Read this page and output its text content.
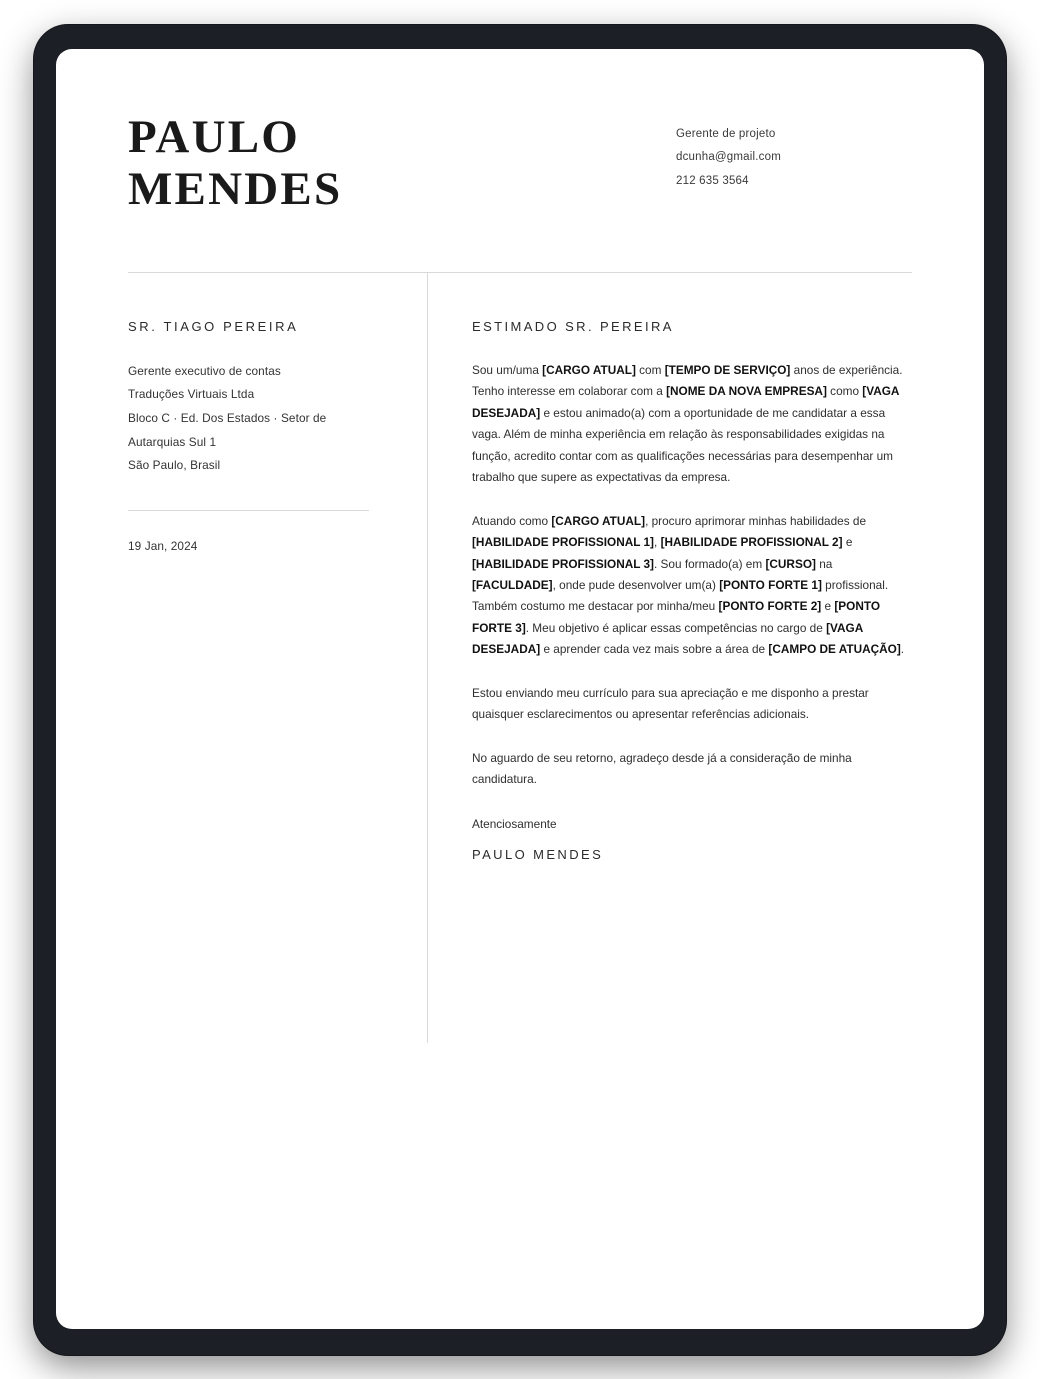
PAULO
MENDES
Gerente de projeto
dcunha@gmail.com
212 635 3564
SR. TIAGO PEREIRA
Gerente executivo de contas
Traduções Virtuais Ltda
Bloco C · Ed. Dos Estados · Setor de
Autarquias Sul 1
São Paulo, Brasil
19 Jan, 2024
ESTIMADO SR. PEREIRA

Sou um/uma [CARGO ATUAL] com [TEMPO DE SERVIÇO] anos de experiência. Tenho interesse em colaborar com a [NOME DA NOVA EMPRESA] como [VAGA DESEJADA] e estou animado(a) com a oportunidade de me candidatar a essa vaga. Além de minha experiência em relação às responsabilidades exigidas na função, acredito contar com as qualificações necessárias para desempenhar um trabalho que supere as expectativas da empresa.

Atuando como [CARGO ATUAL], procuro aprimorar minhas habilidades de [HABILIDADE PROFISSIONAL 1], [HABILIDADE PROFISSIONAL 2] e [HABILIDADE PROFISSIONAL 3]. Sou formado(a) em [CURSO] na [FACULDADE], onde pude desenvolver um(a) [PONTO FORTE 1] profissional. Também costumo me destacar por minha/meu [PONTO FORTE 2] e [PONTO FORTE 3]. Meu objetivo é aplicar essas competências no cargo de [VAGA DESEJADA] e aprender cada vez mais sobre a área de [CAMPO DE ATUAÇÃO].

Estou enviando meu currículo para sua apreciação e me disponho a prestar quaisquer esclarecimentos ou apresentar referências adicionais.

No aguardo de seu retorno, agradeço desde já a consideração de minha candidatura.

Atenciosamente
PAULO MENDES
